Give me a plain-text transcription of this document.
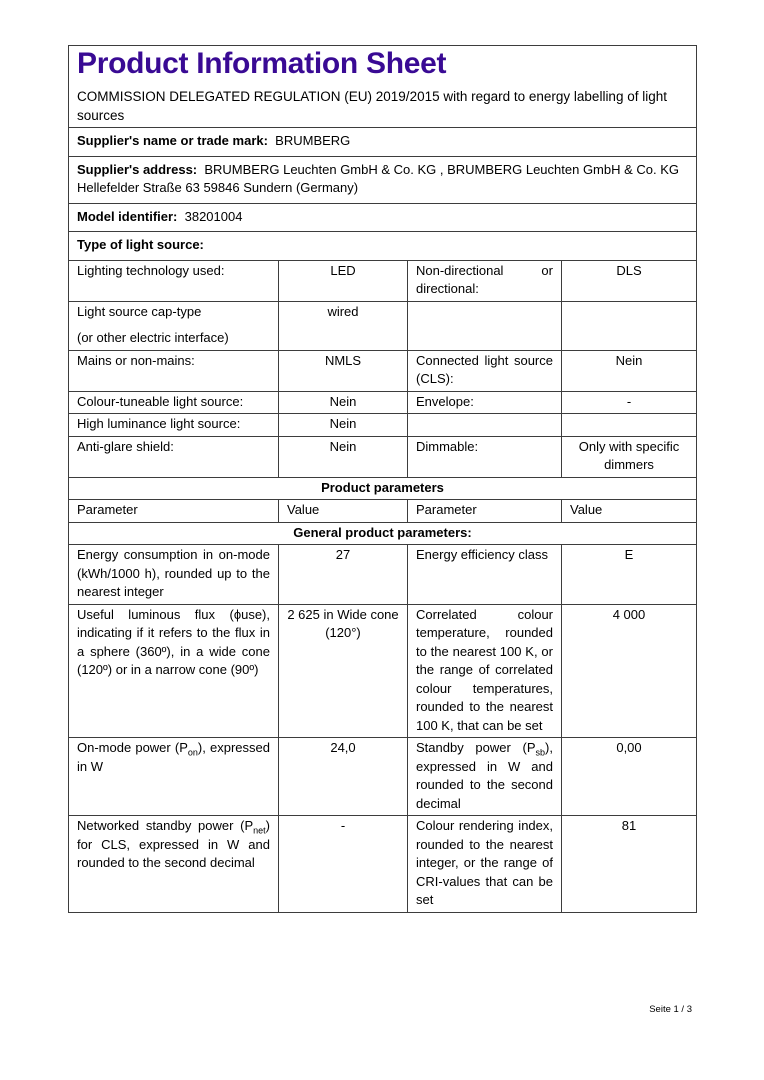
Product Information Sheet
COMMISSION DELEGATED REGULATION (EU) 2019/2015 with regard to energy labelling of light sources

Supplier's name or trade mark:  BRUMBERG			
Supplier's address:  BRUMBERG Leuchten GmbH & Co. KG , BRUMBERG Leuchten GmbH & Co. KG Hellefelder Straße 63 59846 Sundern (Germany)			
Model identifier:  38201004			
Type of light source:			
Lighting technology used:	LED	Non-directional or directional:	DLS

Light source cap-type
(or other electric interface)	wired		
Mains or non-mains:	NMLS	Connected light source (CLS):	Nein
Colour-tuneable light source:	Nein	Envelope:	-
High luminance light source:	Nein		
Anti-glare shield:	Nein	Dimmable:	Only with specific dimmers
Product parameters			
Parameter	Value	Parameter	Value
General product parameters:			
Energy consumption in on-mode (kWh/1000 h), rounded up to the nearest integer	27	Energy efficiency class	E
Useful luminous flux (ϕuse), indicating if it refers to the flux in a sphere (360º), in a wide cone (120º) or in a narrow cone (90º)	2 625 in Wide cone (120°)	Correlated colour temperature, rounded to the nearest 100 K, or the range of correlated colour temperatures, rounded to the nearest 100 K, that can be set	4 000
On-mode power $(P_{on})$, expressed in W	24,0	Standby power $(P_{sb})$, expressed in W and rounded to the second decimal	0,00
Networked standby power $(P_{net})$ for CLS, expressed in W and rounded to the second decimal	-	Colour rendering index, rounded to the nearest integer, or the range of CRI-values that can be set	81
Seite 1 / 3
